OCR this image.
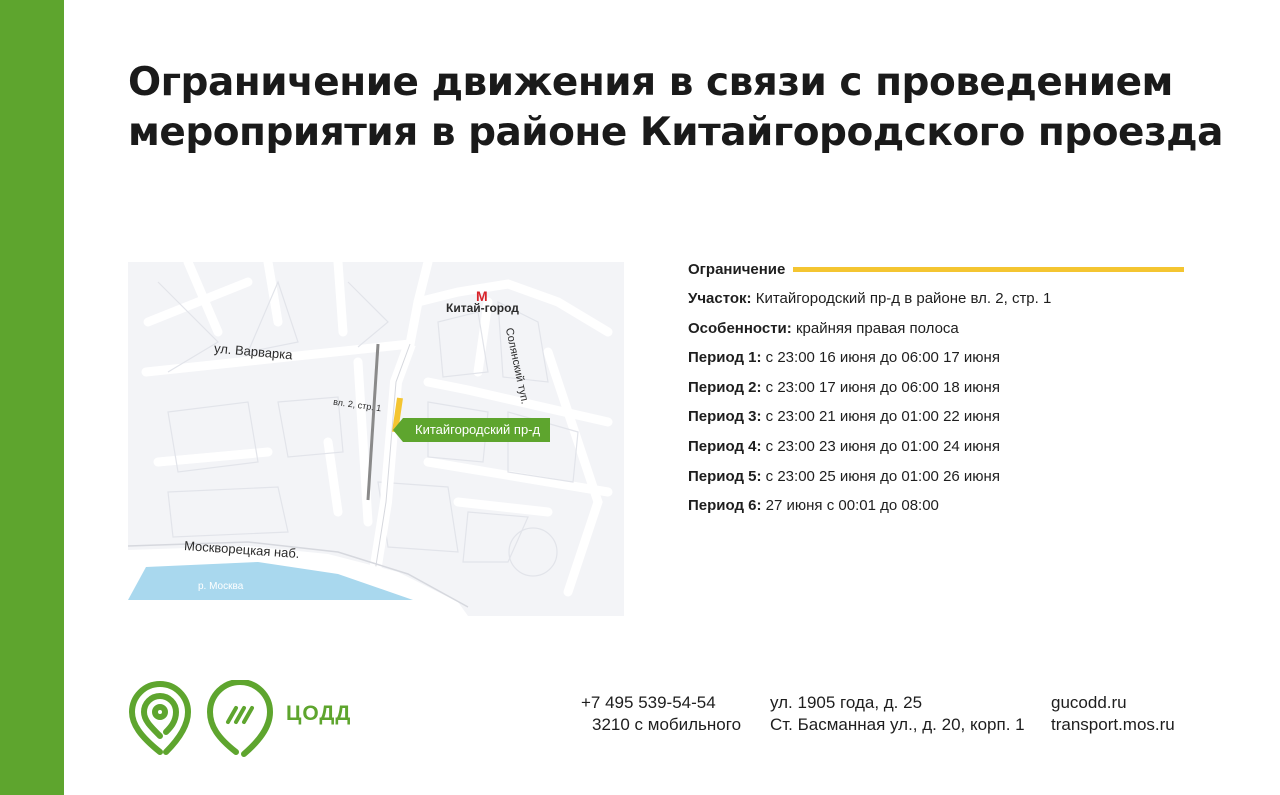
Ограничение движения в связи с проведением мероприятия в районе Китайгородского проезда
ул. Варварка
M
Китай-город
Солянский туп.
вл. 2, стр. 1
Китайгородский пр-д
Москворецкая наб.
р. Москва
Ограничение
Участок: Китайгородский пр-д в районе вл. 2, стр. 1
Особенности: крайняя правая полоса
Период 1: с 23:00 16 июня до 06:00 17 июня
Период 2: с 23:00 17 июня до 06:00 18 июня
Период 3: с 23:00 21 июня до 01:00 22 июня
Период 4: с 23:00 23 июня до 01:00 24 июня
Период 5: с 23:00 25 июня до 01:00 26 июня
Период 6: 27 июня с 00:01 до 08:00
ЦОДД	+7 495 539-54-54
3210 с мобильного
ул. 1905 года, д. 25
Ст. Басманная ул., д. 20, корп. 1
gucodd.ru
transport.mos.ru
